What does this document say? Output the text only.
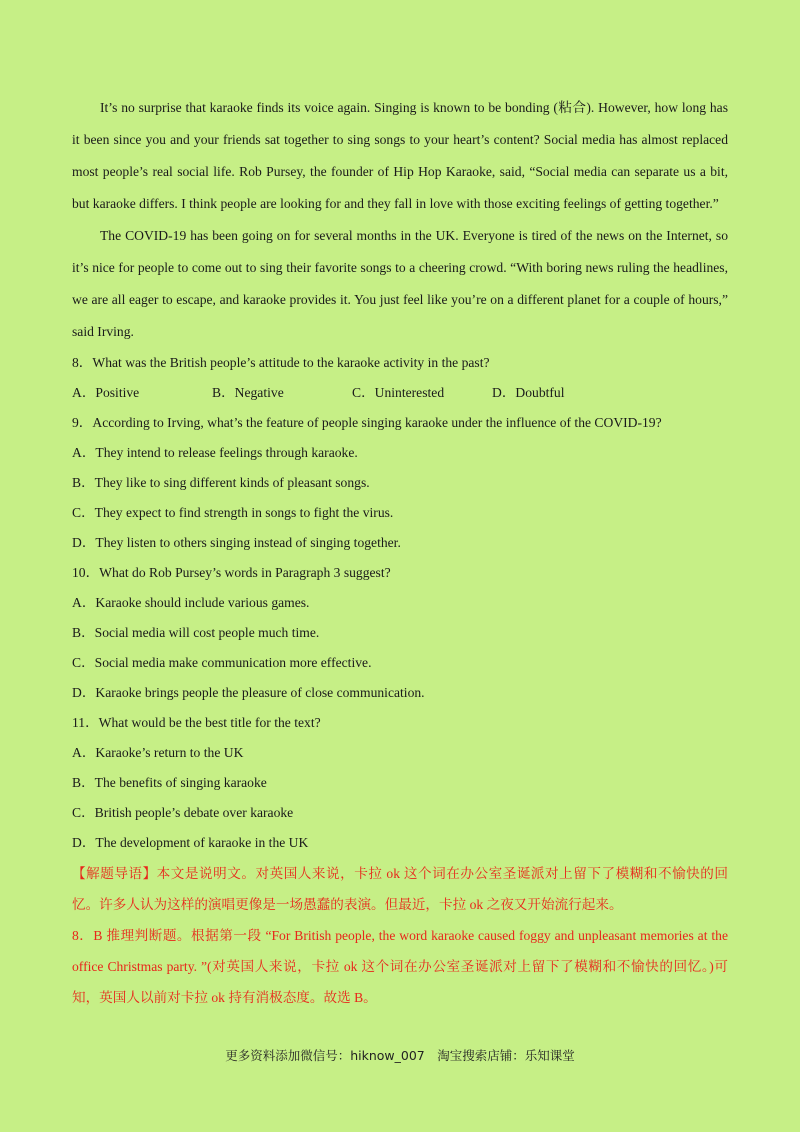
It’s no surprise that karaoke finds its voice again. Singing is known to be bonding (粘合). However, how long has it been since you and your friends sat together to sing songs to your heart’s content? Social media has almost replaced most people’s real social life. Rob Pursey, the founder of Hip Hop Karaoke, said, “Social media can separate us a bit, but karaoke differs. I think people are looking for and they fall in love with those exciting feelings of getting together.”

The COVID-19 has been going on for several months in the UK. Everyone is tired of the news on the Internet, so it’s nice for people to come out to sing their favorite songs to a cheering crowd. “With boring news ruling the headlines, we are all eager to escape, and karaoke provides it. You just feel like you’re on a different planet for a couple of hours,” said Irving.

8．What was the British people’s attitude to the karaoke activity in the past?

A．Positive	B．Negative	C．Uninterested	D．Doubtful

9．According to Irving, what’s the feature of people singing karaoke under the influence of the COVID-19?

A．They intend to release feelings through karaoke.

B．They like to sing different kinds of pleasant songs.

C．They expect to find strength in songs to fight the virus.

D．They listen to others singing instead of singing together.

10．What do Rob Pursey’s words in Paragraph 3 suggest?

A．Karaoke should include various games.

B．Social media will cost people much time.

C．Social media make communication more effective.

D．Karaoke brings people the pleasure of close communication.

11．What would be the best title for the text?

A．Karaoke’s return to the UK

B．The benefits of singing karaoke

C．British people’s debate over karaoke

D．The development of karaoke in the UK

【解题导语】本文是说明文。对英国人来说，卡拉 ok 这个词在办公室圣诞派对上留下了模糊和不愉快的回忆。许多人认为这样的演唱更像是一场愚蠢的表演。但最近，卡拉 ok 之夜又开始流行起来。

8．B 推理判断题。根据第一段 “For British people, the word karaoke caused foggy and unpleasant memories at the office Christmas party. ”(对英国人来说，卡拉 ok 这个词在办公室圣诞派对上留下了模糊和不愉快的回忆。)可知，英国人以前对卡拉 ok 持有消极态度。故选 B。

更多资料添加微信号：hiknow_007　淘宝搜索店铺：乐知课堂
